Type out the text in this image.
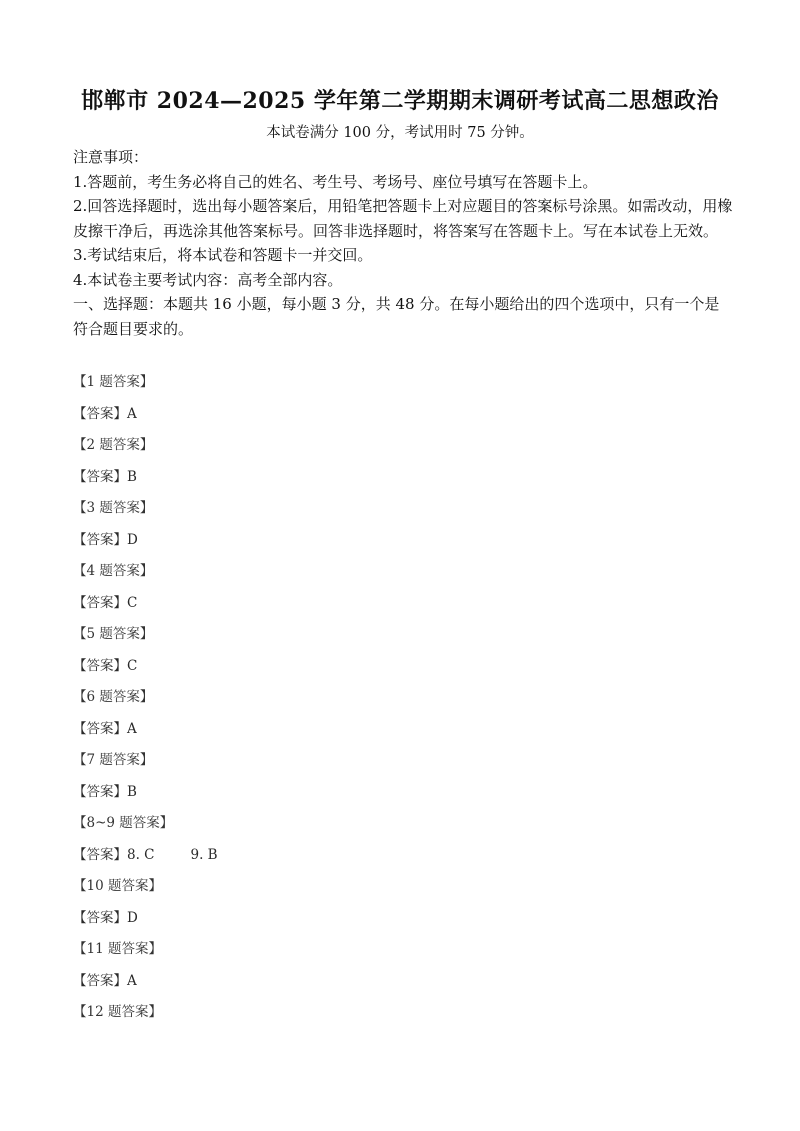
邯郸市 2024—2025 学年第二学期期末调研考试高二思想政治
本试卷满分 100 分，考试用时 75 分钟。

注意事项：

1.答题前，考生务必将自己的姓名、考生号、考场号、座位号填写在答题卡上。

2.回答选择题时，选出每小题答案后，用铅笔把答题卡上对应题目的答案标号涂黑。如需改动，用橡皮擦干净后，再选涂其他答案标号。回答非选择题时，将答案写在答题卡上。写在本试卷上无效。

3.考试结束后，将本试卷和答题卡一并交回。

4.本试卷主要考试内容：高考全部内容。

一、选择题：本题共 16 小题，每小题 3 分，共 48 分。在每小题给出的四个选项中，只有一个是符合题目要求的。

【1 题答案】
【答案】A
【2 题答案】
【答案】B
【3 题答案】
【答案】D
【4 题答案】
【答案】C
【5 题答案】
【答案】C
【6 题答案】
【答案】A
【7 题答案】
【答案】B
【8~9 题答案】
【答案】8. C	9. B
【10 题答案】
【答案】D
【11 题答案】
【答案】A
【12 题答案】
